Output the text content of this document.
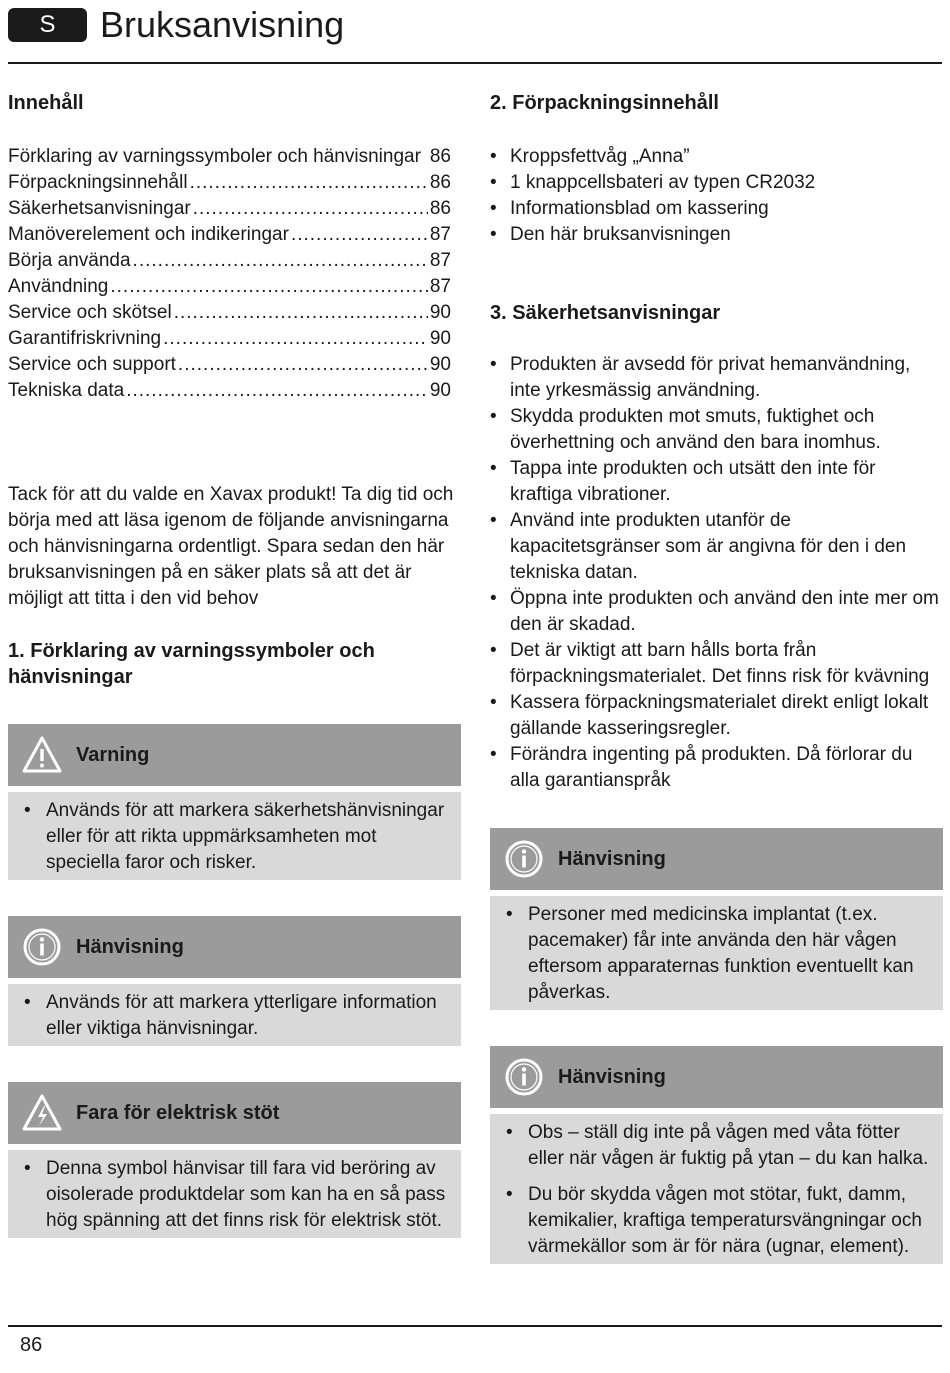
S	Bruksanvisning
Innehåll
Förklaring av varningssymboler och hänvisningar 86
Förpackningsinnehåll .....	86
Säkerhetsanvisningar .....	86
Manöverelement och indikeringar .....	87
Börja använda .....	87
Användning .....	87
Service och skötsel .....	90
Garantifriskrivning .....	90
Service och support .....	90
Tekniska data .....	90
Tack för att du valde en Xavax produkt! Ta dig tid och börja med att läsa igenom de följande anvisningarna och hänvisningarna ordentligt. Spara sedan den här bruksanvisningen på en säker plats så att det är möjligt att titta i den vid behov
1. Förklaring av varningssymboler och hänvisningar
Varning
• Används för att markera säkerhetshänvisningar eller för att rikta uppmärksamheten mot speciella faror och risker.
Hänvisning
• Används för att markera ytterligare information eller viktiga hänvisningar.
Fara för elektrisk stöt
• Denna symbol hänvisar till fara vid beröring av oisolerade produktdelar som kan ha en så pass hög spänning att det finns risk för elektrisk stöt.
2. Förpackningsinnehåll
• Kroppsfettvåg „Anna”
• 1 knappcellsbateri av typen CR2032
• Informationsblad om kassering
• Den här bruksanvisningen
3. Säkerhetsanvisningar
• Produkten är avsedd för privat hemanvändning, inte yrkesmässig användning.
• Skydda produkten mot smuts, fuktighet och överhettning och använd den bara inomhus.
• Tappa inte produkten och utsätt den inte för kraftiga vibrationer.
• Använd inte produkten utanför de kapacitetsgränser som är angivna för den i den tekniska datan.
• Öppna inte produkten och använd den inte mer om den är skadad.
• Det är viktigt att barn hålls borta från förpackningsmaterialet. Det finns risk för kvävning
• Kassera förpackningsmaterialet direkt enligt lokalt gällande kasseringsregler.
• Förändra ingenting på produkten. Då förlorar du alla garantianspråk
Hänvisning
• Personer med medicinska implantat (t.ex. pacemaker) får inte använda den här vågen eftersom apparaternas funktion eventuellt kan påverkas.
Hänvisning
• Obs – ställ dig inte på vågen med våta fötter eller när vågen är fuktig på ytan – du kan halka.
• Du bör skydda vågen mot stötar, fukt, damm, kemikalier, kraftiga temperatursvängningar och värmekällor som är för nära (ugnar, element).
86
